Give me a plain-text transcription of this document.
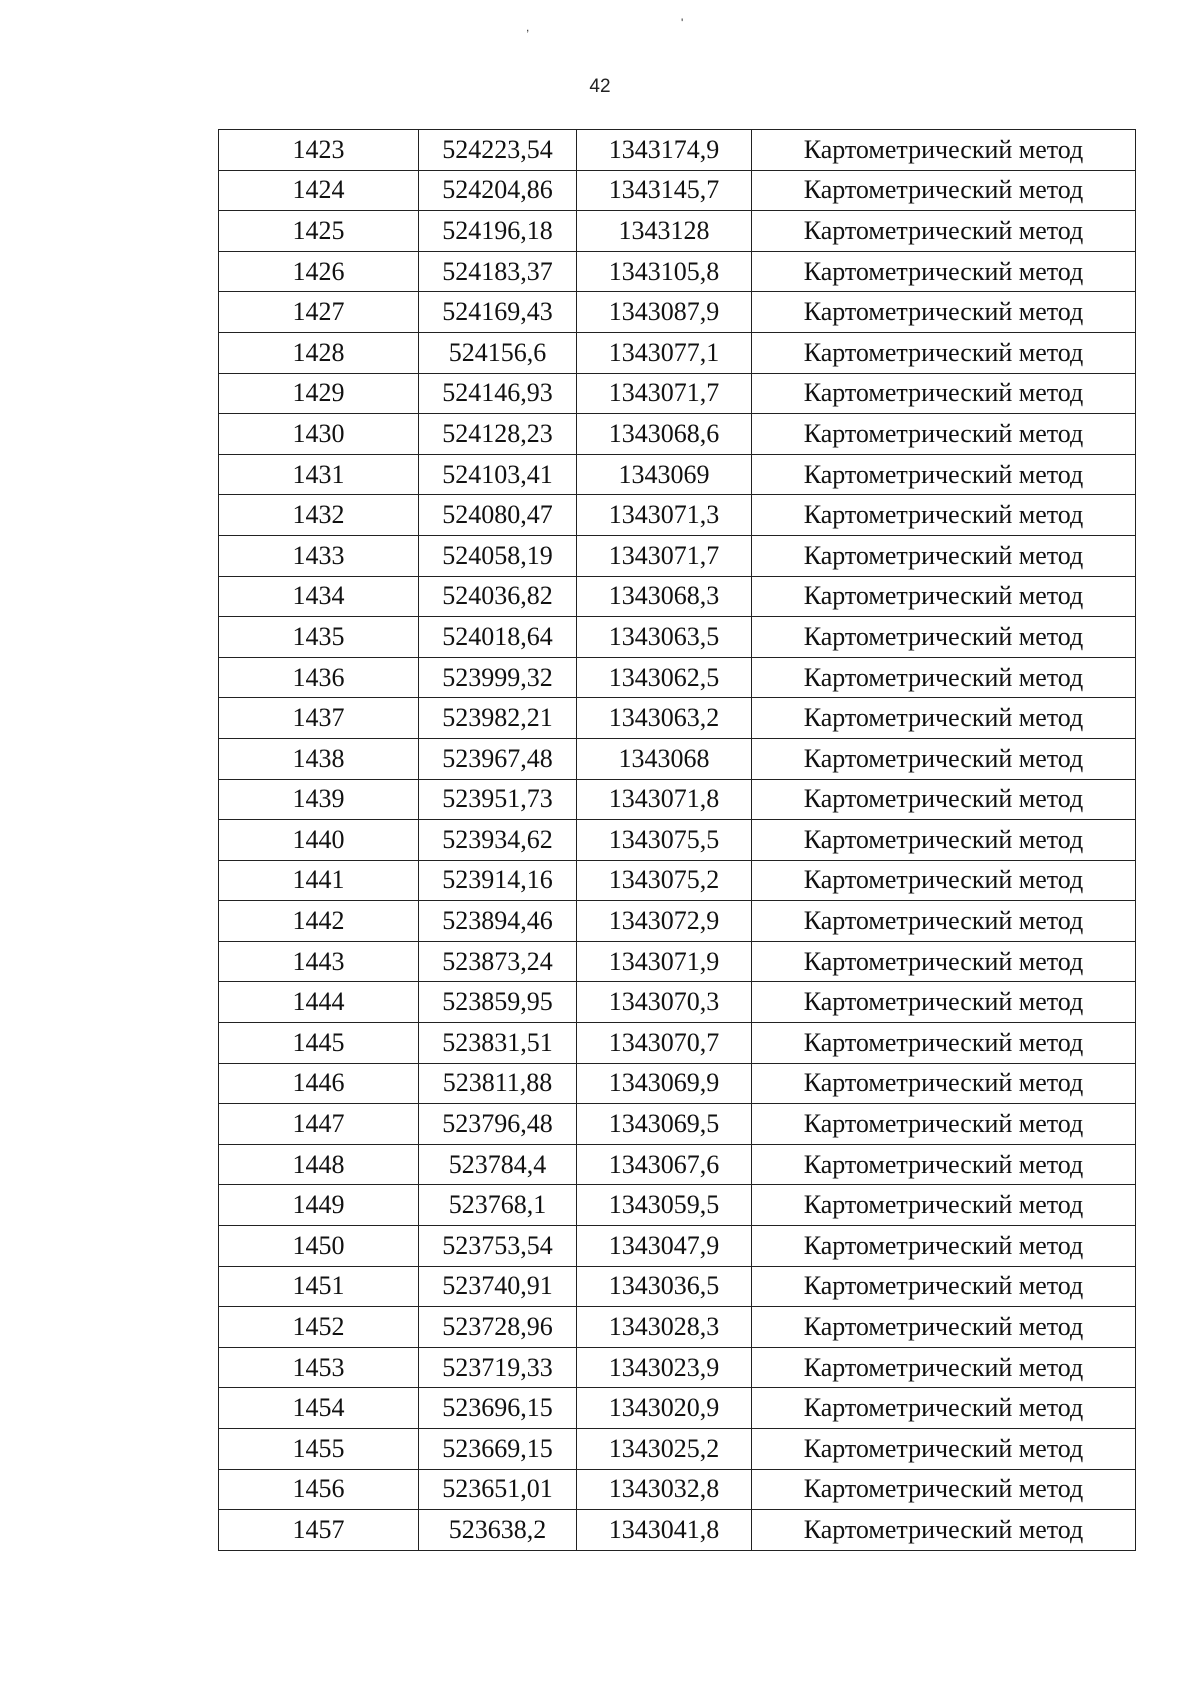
,	'
42
1423	524223,54	1343174,9	Картометрический метод
1424	524204,86	1343145,7	Картометрический метод
1425	524196,18	1343128	Картометрический метод
1426	524183,37	1343105,8	Картометрический метод
1427	524169,43	1343087,9	Картометрический метод
1428	524156,6	1343077,1	Картометрический метод
1429	524146,93	1343071,7	Картометрический метод
1430	524128,23	1343068,6	Картометрический метод
1431	524103,41	1343069	Картометрический метод
1432	524080,47	1343071,3	Картометрический метод
1433	524058,19	1343071,7	Картометрический метод
1434	524036,82	1343068,3	Картометрический метод
1435	524018,64	1343063,5	Картометрический метод
1436	523999,32	1343062,5	Картометрический метод
1437	523982,21	1343063,2	Картометрический метод
1438	523967,48	1343068	Картометрический метод
1439	523951,73	1343071,8	Картометрический метод
1440	523934,62	1343075,5	Картометрический метод
1441	523914,16	1343075,2	Картометрический метод
1442	523894,46	1343072,9	Картометрический метод
1443	523873,24	1343071,9	Картометрический метод
1444	523859,95	1343070,3	Картометрический метод
1445	523831,51	1343070,7	Картометрический метод
1446	523811,88	1343069,9	Картометрический метод
1447	523796,48	1343069,5	Картометрический метод
1448	523784,4	1343067,6	Картометрический метод
1449	523768,1	1343059,5	Картометрический метод
1450	523753,54	1343047,9	Картометрический метод
1451	523740,91	1343036,5	Картометрический метод
1452	523728,96	1343028,3	Картометрический метод
1453	523719,33	1343023,9	Картометрический метод
1454	523696,15	1343020,9	Картометрический метод
1455	523669,15	1343025,2	Картометрический метод
1456	523651,01	1343032,8	Картометрический метод
1457	523638,2	1343041,8	Картометрический метод
